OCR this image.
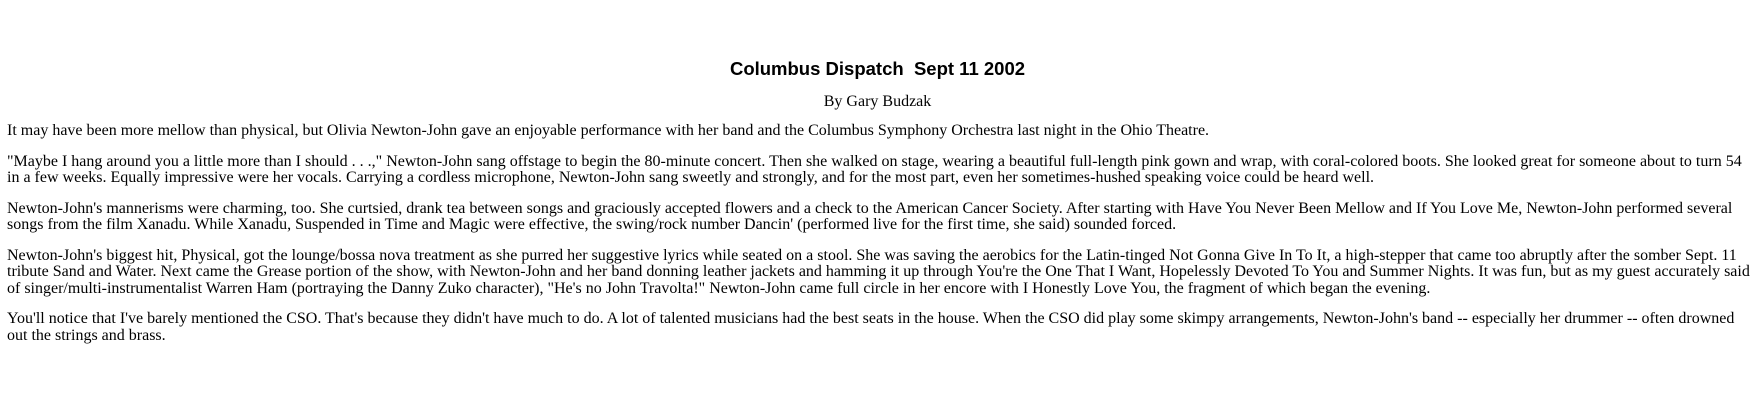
Columbus Dispatch  Sept 11 2002

By Gary Budzak

It may have been more mellow than physical, but Olivia Newton-John gave an enjoyable performance with her band and the Columbus Symphony Orchestra last night in the Ohio Theatre.

"Maybe I hang around you a little more than I should . . .," Newton-John sang offstage to begin the 80-minute concert. Then she walked on stage, wearing a beautiful full-length pink gown and wrap, with coral-colored boots. She looked great for someone about to turn 54 in a few weeks. Equally impressive were her vocals. Carrying a cordless microphone, Newton-John sang sweetly and strongly, and for the most part, even her sometimes-hushed speaking voice could be heard well.

Newton-John's mannerisms were charming, too. She curtsied, drank tea between songs and graciously accepted flowers and a check to the American Cancer Society. After starting with Have You Never Been Mellow and If You Love Me, Newton-John performed several songs from the film Xanadu. While Xanadu, Suspended in Time and Magic were effective, the swing/rock number Dancin' (performed live for the first time, she said) sounded forced.

Newton-John's biggest hit, Physical, got the lounge/bossa nova treatment as she purred her suggestive lyrics while seated on a stool. She was saving the aerobics for the Latin-tinged Not Gonna Give In To It, a high-stepper that came too abruptly after the somber Sept. 11 tribute Sand and Water. Next came the Grease portion of the show, with Newton-John and her band donning leather jackets and hamming it up through You're the One That I Want, Hopelessly Devoted To You and Summer Nights. It was fun, but as my guest accurately said of singer/multi-instrumentalist Warren Ham (portraying the Danny Zuko character), "He's no John Travolta!" Newton-John came full circle in her encore with I Honestly Love You, the fragment of which began the evening.

You'll notice that I've barely mentioned the CSO. That's because they didn't have much to do. A lot of talented musicians had the best seats in the house. When the CSO did play some skimpy arrangements, Newton-John's band -- especially her drummer -- often drowned out the strings and brass.
